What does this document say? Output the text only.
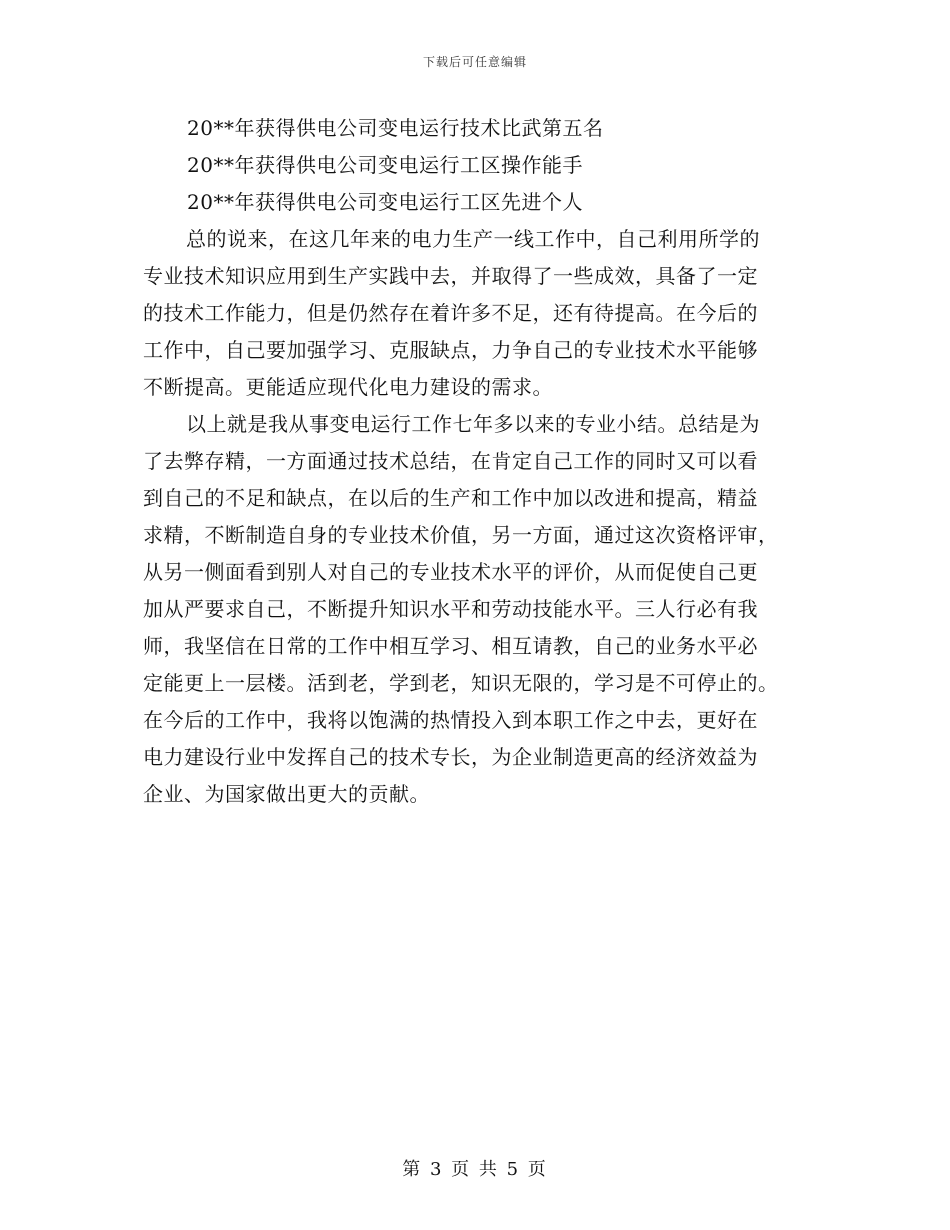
下载后可任意编辑

20**年获得供电公司变电运行技术比武第五名

20**年获得供电公司变电运行工区操作能手

20**年获得供电公司变电运行工区先进个人

总的说来，在这几年来的电力生产一线工作中，自己利用所学的
专业技术知识应用到生产实践中去，并取得了一些成效，具备了一定
的技术工作能力，但是仍然存在着许多不足，还有待提高。在今后的
工作中，自己要加强学习、克服缺点，力争自己的专业技术水平能够
不断提高。更能适应现代化电力建设的需求。
以上就是我从事变电运行工作七年多以来的专业小结。总结是为
了去弊存精，一方面通过技术总结，在肯定自己工作的同时又可以看
到自己的不足和缺点，在以后的生产和工作中加以改进和提高，精益
求精，不断制造自身的专业技术价值，另一方面，通过这次资格评审，
从另一侧面看到别人对自己的专业技术水平的评价，从而促使自己更
加从严要求自己，不断提升知识水平和劳动技能水平。三人行必有我
师，我坚信在日常的工作中相互学习、相互请教，自己的业务水平必
定能更上一层楼。活到老，学到老，知识无限的，学习是不可停止的。
在今后的工作中，我将以饱满的热情投入到本职工作之中去，更好在
电力建设行业中发挥自己的技术专长，为企业制造更高的经济效益为
企业、为国家做出更大的贡献。
第 3 页 共 5 页
